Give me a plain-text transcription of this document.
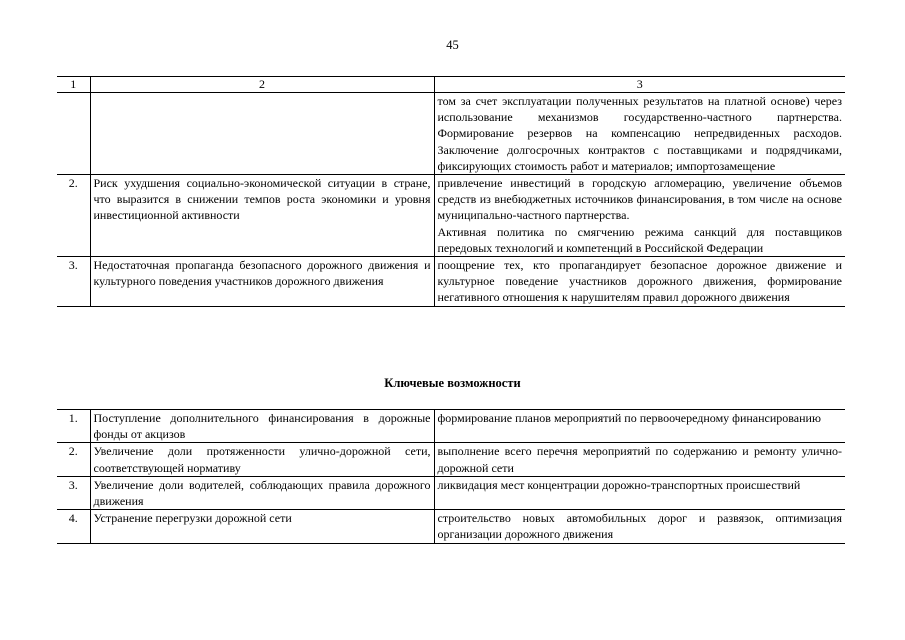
45
1	2	3

		том за счет эксплуатации полученных результатов на платной основе) через использование механизмов государственно-частного партнерства. Формирование резервов на компенсацию непредвиденных расходов. Заключение долгосрочных контрактов с поставщиками и подрядчиками, фиксирующих стоимость работ и материалов; импортозамещение

2.	Риск ухудшения социально-экономической ситуации в стране, что выразится в снижении темпов роста экономики и уровня инвестиционной активности	привлечение инвестиций в городскую агломерацию, увеличение объемов средств из внебюджетных источников финансирования, в том числе на основе муниципально-частного партнерства.
Активная политика по смягчению режима санкций для поставщиков передовых технологий и компетенций в Российской Федерации

3.	Недостаточная пропаганда безопасного дорожного движения и культурного поведения участников дорожного движения	поощрение тех, кто пропагандирует безопасное дорожное движение и культурное поведение участников дорожного движения, формирование негативного отношения к нарушителям правил дорожного движения
Ключевые возможности
1.	Поступление дополнительного финансирования в дорожные фонды от акцизов	формирование планов мероприятий по первоочередному финансированию
2.	Увеличение доли протяженности улично-дорожной сети, соответствующей нормативу	выполнение всего перечня мероприятий по содержанию и ремонту улично-дорожной сети
3.	Увеличение доли водителей, соблюдающих правила дорожного движения	ликвидация мест концентрации дорожно-транспортных происшествий
4.	Устранение перегрузки дорожной сети	строительство новых автомобильных дорог и развязок, оптимизация организации дорожного движения
